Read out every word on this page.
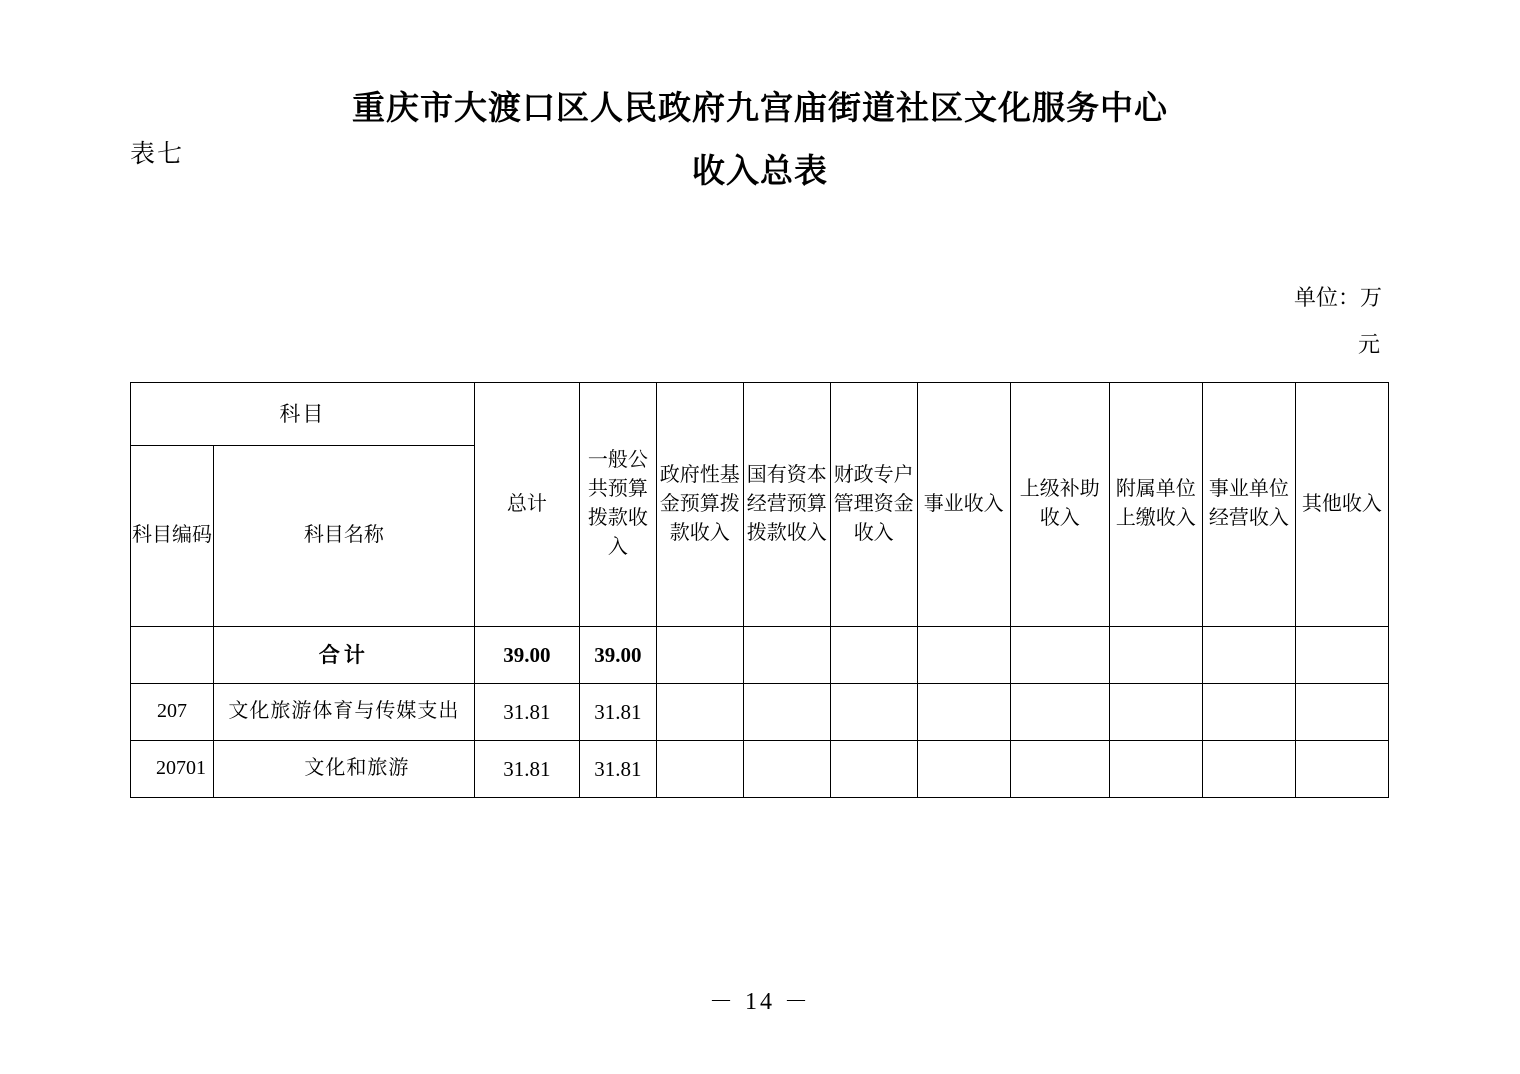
表七
重庆市大渡口区人民政府九宫庙街道社区文化服务中心
收入总表
单位：万
元
科目		总计	一般公共预算拨款收入	政府性基金预算拨款收入	国有资本经营预算拨款收入	财政专户管理资金收入	事业收入	上级补助收入	附属单位上缴收入	事业单位经营收入	其他收入
科目编码	科目名称										
	合计	39.00	39.00								
207	文化旅游体育与传媒支出	31.81	31.81								
20701	文化和旅游	31.81	31.81								
－ 14 －
